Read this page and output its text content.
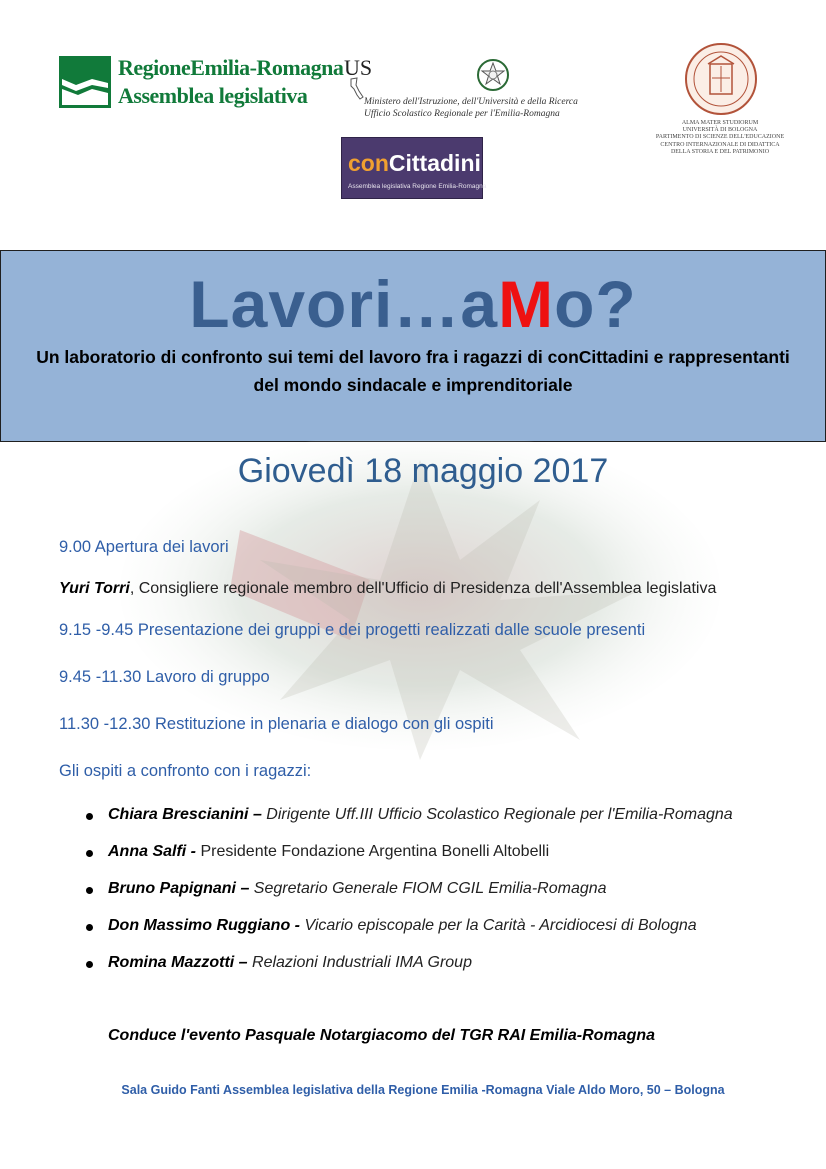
RegioneEmilia-Romagna
Assemblea legislativa
US
Ministero dell'Istruzione, dell'Università e della Ricerca
Ufficio Scolastico Regionale per l'Emilia-Romagna
ALMA MATER STUDIORUM
UNIVERSITÀ DI BOLOGNA
PARTIMENTO DI SCIENZE DELL'EDUCAZIONE
CENTRO INTERNAZIONALE DI DIDATTICA
DELLA STORIA E DEL PATRIMONIO
conCittadini
Assemblea legislativa Regione Emilia-Romagna
Lavori…aMo?
Un laboratorio di confronto sui temi del lavoro fra i ragazzi di conCittadini e rappresentanti del mondo sindacale e imprenditoriale
Giovedì 18 maggio 2017
9.00 Apertura dei lavori
Yuri Torri, Consigliere regionale membro dell'Ufficio di Presidenza dell'Assemblea legislativa
9.15 -9.45 Presentazione dei gruppi e dei progetti realizzati dalle scuole presenti
9.45 -11.30 Lavoro di gruppo
11.30 -12.30 Restituzione in plenaria e dialogo con gli ospiti
Gli ospiti a confronto con i ragazzi:
Chiara Brescianini – Dirigente Uff.III Ufficio Scolastico Regionale per l'Emilia-Romagna
Anna Salfi - Presidente Fondazione Argentina Bonelli Altobelli
Bruno Papignani – Segretario Generale FIOM CGIL Emilia-Romagna
Don Massimo Ruggiano - Vicario episcopale per la Carità - Arcidiocesi di Bologna
Romina Mazzotti – Relazioni Industriali IMA Group
Conduce l'evento Pasquale Notargiacomo del TGR RAI Emilia-Romagna
Sala Guido Fanti Assemblea legislativa della Regione Emilia -Romagna Viale Aldo Moro, 50 – Bologna
